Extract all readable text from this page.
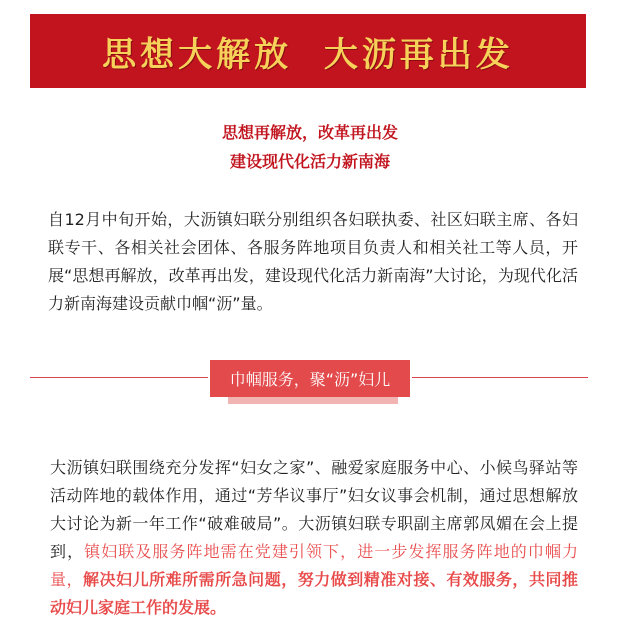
思想大解放  大沥再出发
思想再解放，改革再出发
建设现代化活力新南海

自12月中旬开始，大沥镇妇联分别组织各妇联执委、社区妇联主席、各妇联专干、各相关社会团体、各服务阵地项目负责人和相关社工等人员，开展“思想再解放，改革再出发，建设现代化活力新南海”大讨论，为现代化活力新南海建设贡献巾帼“沥”量。

巾帼服务，聚“沥”妇儿

大沥镇妇联围绕充分发挥“妇女之家”、融爱家庭服务中心、小候鸟驿站等活动阵地的载体作用，通过“芳华议事厅”妇女议事会机制，通过思想解放大讨论为新一年工作“破难破局”。大沥镇妇联专职副主席郭凤媚在会上提到，镇妇联及服务阵地需在党建引领下，进一步发挥服务阵地的巾帼力量，解决妇儿所难所需所急问题，努力做到精准对接、有效服务，共同推动妇儿家庭工作的发展。
